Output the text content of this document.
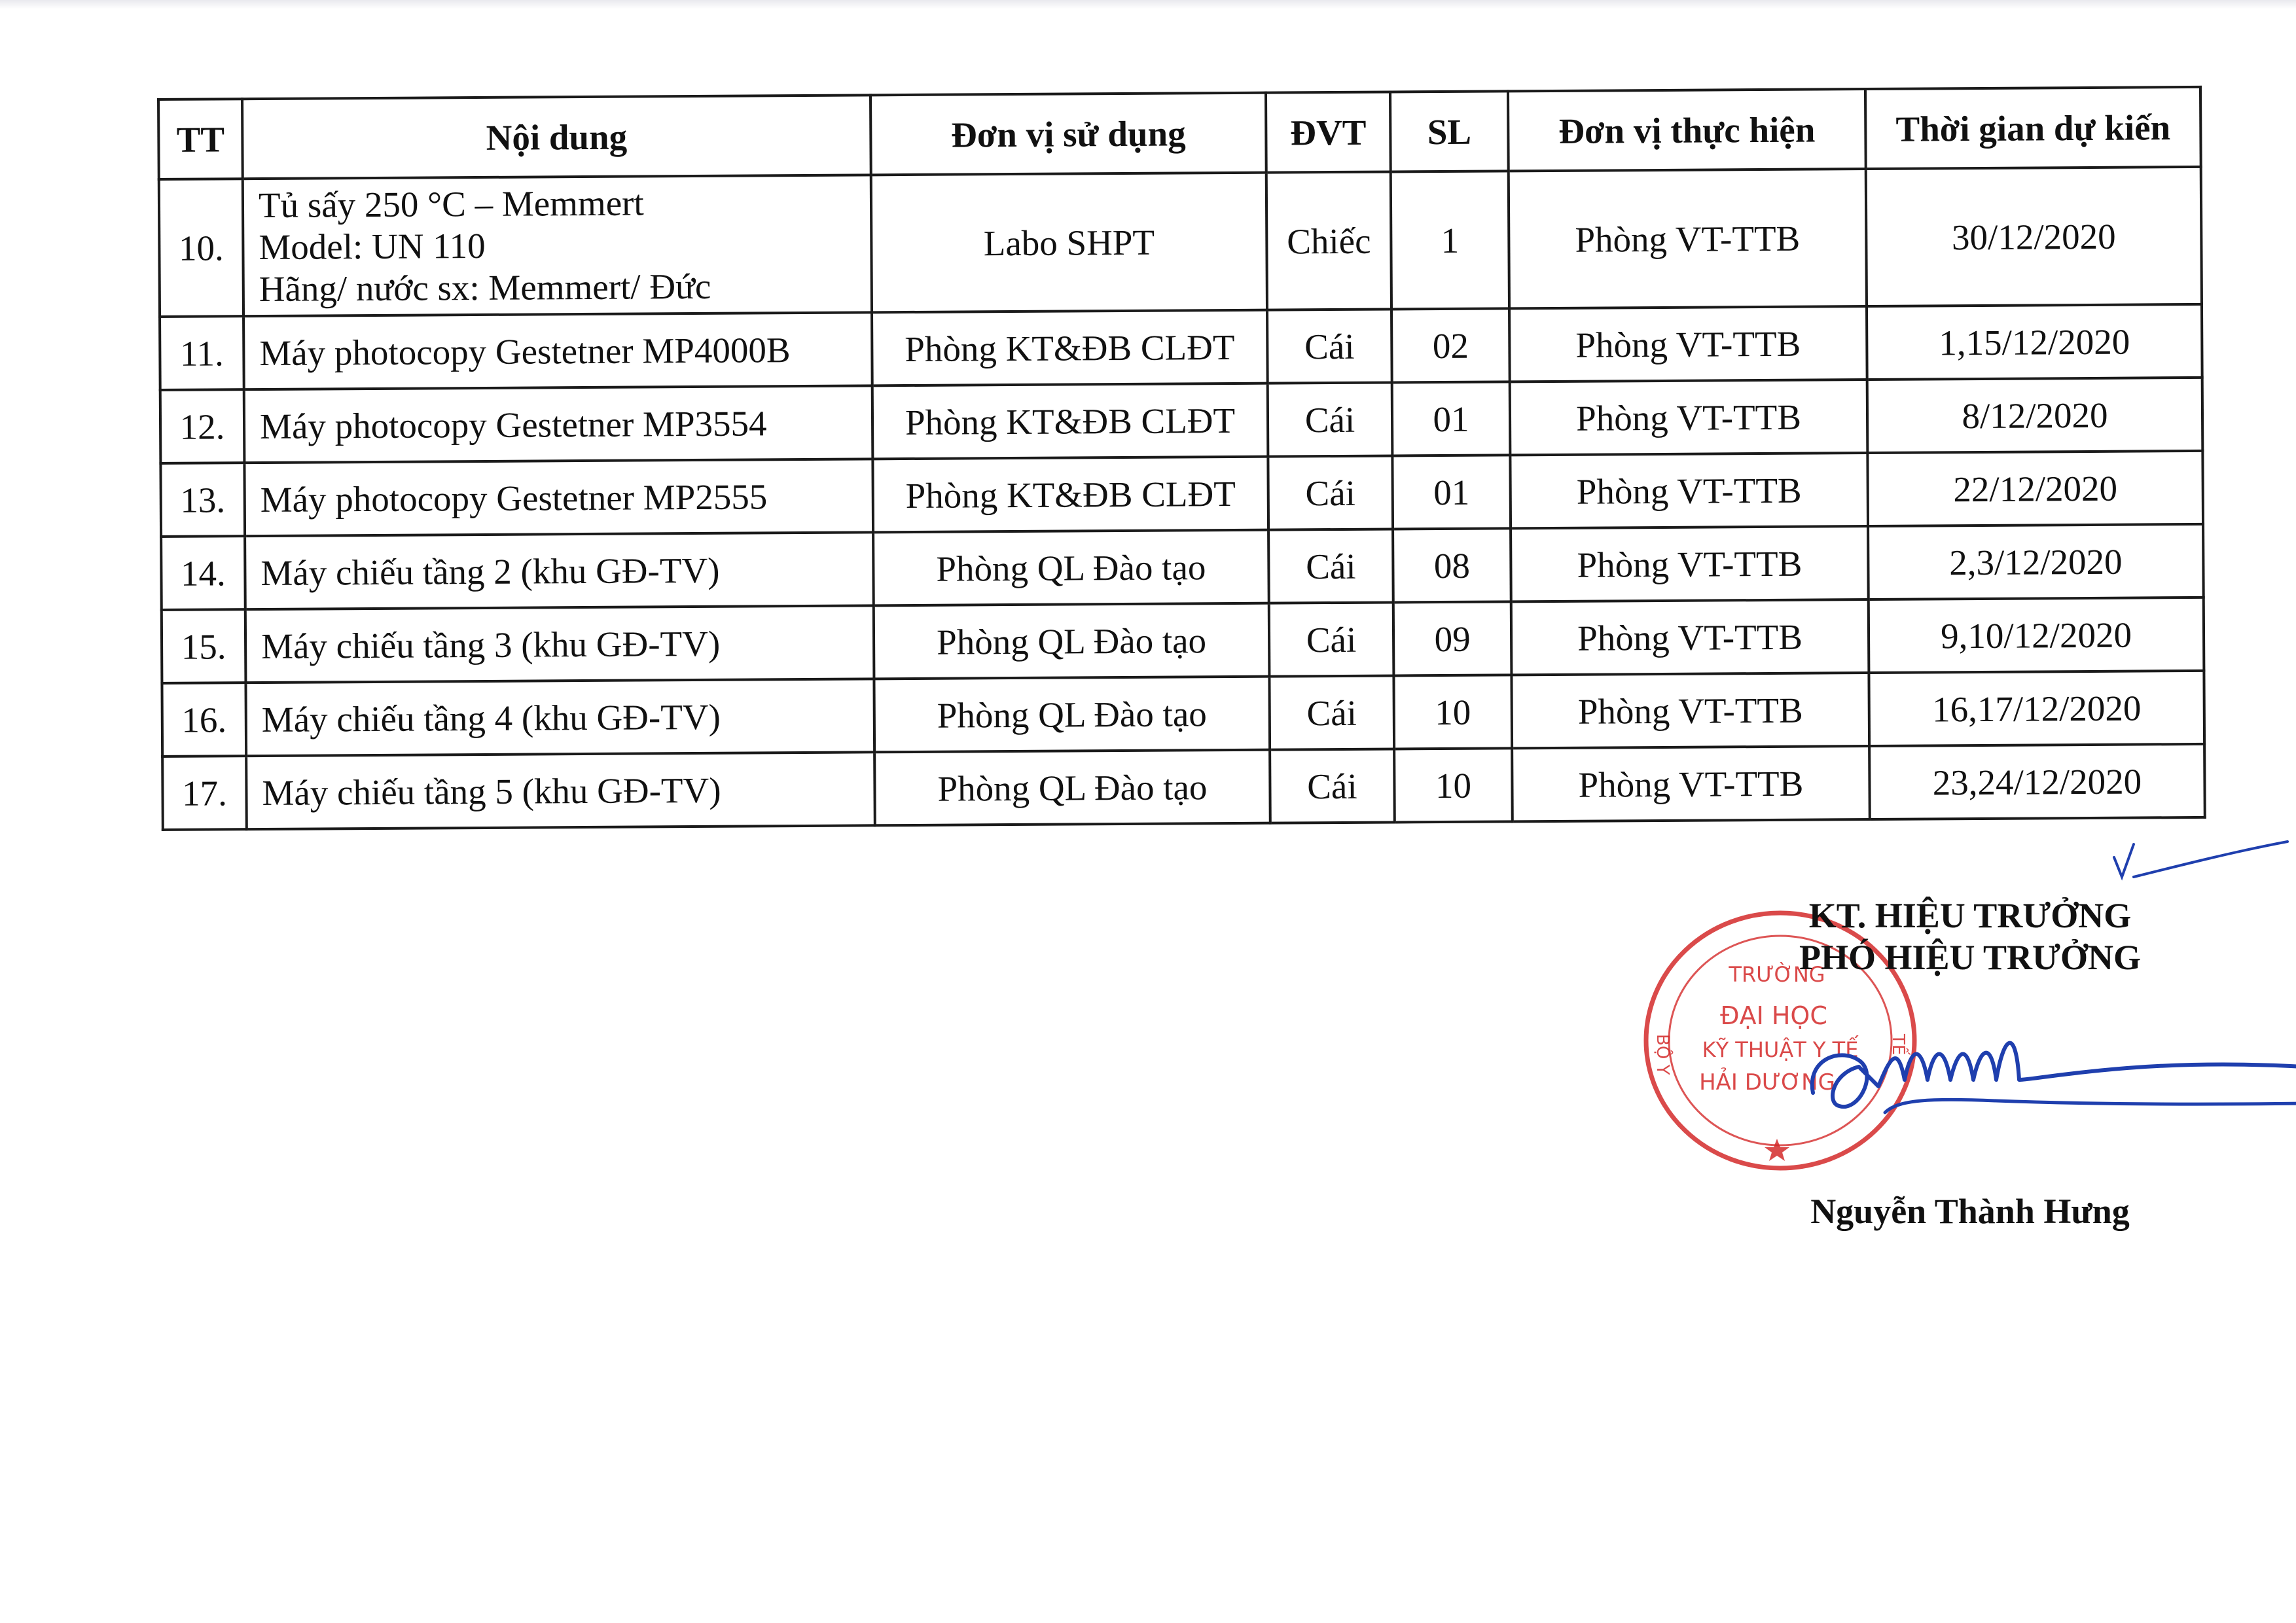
TT	Nội dung	Đơn vị sử dụng	ĐVT	SL	Đơn vị thực hiện	Thời gian dự kiến
10.	Tủ sấy 250 °C – Memmert
Model: UN 110
Hãng/ nước sx: Memmert/ Đức	Labo SHPT	Chiếc	1	Phòng VT-TTB	30/12/2020
11.	Máy photocopy Gestetner MP4000B	Phòng KT&ĐB CLĐT	Cái	02	Phòng VT-TTB	1,15/12/2020
12.	Máy photocopy Gestetner MP3554	Phòng KT&ĐB CLĐT	Cái	01	Phòng VT-TTB	8/12/2020
13.	Máy photocopy Gestetner MP2555	Phòng KT&ĐB CLĐT	Cái	01	Phòng VT-TTB	22/12/2020
14.	Máy chiếu tầng 2 (khu GĐ-TV)	Phòng QL Đào tạo	Cái	08	Phòng VT-TTB	2,3/12/2020
15.	Máy chiếu tầng 3 (khu GĐ-TV)	Phòng QL Đào tạo	Cái	09	Phòng VT-TTB	9,10/12/2020
16.	Máy chiếu tầng 4 (khu GĐ-TV)	Phòng QL Đào tạo	Cái	10	Phòng VT-TTB	16,17/12/2020
17.	Máy chiếu tầng 5 (khu GĐ-TV)	Phòng QL Đào tạo	Cái	10	Phòng VT-TTB	23,24/12/2020
TRƯỜNG
ĐẠI HỌC
KỸ THUẬT Y TẾ
HẢI DƯƠNG
BỘ Y	TẾ
KT. HIỆU TRƯỞNG
PHÓ HIỆU TRƯỞNG
Nguyễn Thành Hưng
